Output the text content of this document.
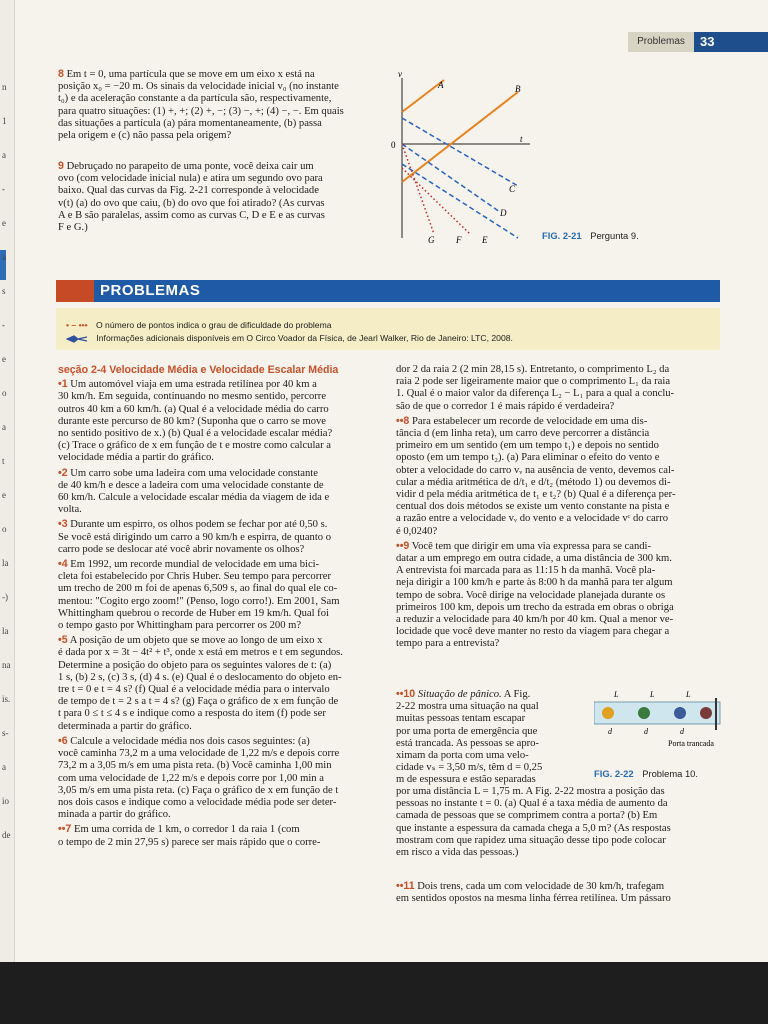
n
1
a
-
e
a
s
-
e
o
a
t
e
o
la
-)
la
na
is.
s-
a
io
de
Problemas	33
8 Em t = 0, uma partícula que se move em um eixo x está na
posição x₀ = −20 m. Os sinais da velocidade inicial v₀ (no instante
t₀) e da aceleração constante a da partícula são, respectivamente,
para quatro situações: (1) +, +; (2) +, −; (3) −, +; (4) −, −. Em quais
das situações a partícula (a) pára momentaneamente, (b) passa
pela origem e (c) não passa pela origem?
9 Debruçado no parapeito de uma ponte, você deixa cair um
ovo (com velocidade inicial nula) e atira um segundo ovo para
baixo. Qual das curvas da Fig. 2-21 corresponde à velocidade
v(t) (a) do ovo que caiu, (b) do ovo que foi atirado? (As curvas
A e B são paralelas, assim como as curvas C, D e E e as curvas
F e G.)
v
t
0
A	B
C
D
E
F
G	FIG. 2-21 Pergunta 9.
PROBLEMAS
• – ••• O número de pontos indica o grau de dificuldade do problema
Informações adicionais disponíveis em O Circo Voador da Física, de Jearl Walker, Rio de Janeiro: LTC, 2008.
seção 2-4 Velocidade Média e Velocidade Escalar Média
•1 Um automóvel viaja em uma estrada retilínea por 40 km a
30 km/h. Em seguida, continuando no mesmo sentido, percorre
outros 40 km a 60 km/h. (a) Qual é a velocidade média do carro
durante este percurso de 80 km? (Suponha que o carro se move
no sentido positivo de x.) (b) Qual é a velocidade escalar média?
(c) Trace o gráfico de x em função de t e mostre como calcular a
velocidade média a partir do gráfico.
•2 Um carro sobe uma ladeira com uma velocidade constante
de 40 km/h e desce a ladeira com uma velocidade constante de
60 km/h. Calcule a velocidade escalar média da viagem de ida e
volta.
•3 Durante um espirro, os olhos podem se fechar por até 0,50 s.
Se você está dirigindo um carro a 90 km/h e espirra, de quanto o
carro pode se deslocar até você abrir novamente os olhos?
•4 Em 1992, um recorde mundial de velocidade em uma bici-
cleta foi estabelecido por Chris Huber. Seu tempo para percorrer
um trecho de 200 m foi de apenas 6,509 s, ao final do qual ele co-
mentou: "Cogito ergo zoom!" (Penso, logo corro!). Em 2001, Sam
Whittingham quebrou o recorde de Huber em 19 km/h. Qual foi
o tempo gasto por Whittingham para percorrer os 200 m?
•5 A posição de um objeto que se move ao longo de um eixo x
é dada por x = 3t − 4t² + t³, onde x está em metros e t em segundos.
Determine a posição do objeto para os seguintes valores de t: (a)
1 s, (b) 2 s, (c) 3 s, (d) 4 s. (e) Qual é o deslocamento do objeto en-
tre t = 0 e t = 4 s? (f) Qual é a velocidade média para o intervalo
de tempo de t = 2 s a t = 4 s? (g) Faça o gráfico de x em função de
t para 0 ≤ t ≤ 4 s e indique como a resposta do item (f) pode ser
determinada a partir do gráfico.
•6 Calcule a velocidade média nos dois casos seguintes: (a)
você caminha 73,2 m a uma velocidade de 1,22 m/s e depois corre
73,2 m a 3,05 m/s em uma pista reta. (b) Você caminha 1,00 min
com uma velocidade de 1,22 m/s e depois corre por 1,00 min a
3,05 m/s em uma pista reta. (c) Faça o gráfico de x em função de t
nos dois casos e indique como a velocidade média pode ser deter-
minada a partir do gráfico.
••7 Em uma corrida de 1 km, o corredor 1 da raia 1 (com
o tempo de 2 min 27,95 s) parece ser mais rápido que o corre-
dor 2 da raia 2 (2 min 28,15 s). Entretanto, o comprimento L₂ da
raia 2 pode ser ligeiramente maior que o comprimento L₁ da raia
1. Qual é o maior valor da diferença L₂ − L₁ para a qual a conclu-
são de que o corredor 1 é mais rápido é verdadeira?
••8 Para estabelecer um recorde de velocidade em uma dis-
tância d (em linha reta), um carro deve percorrer a distância
primeiro em um sentido (em um tempo t₁) e depois no sentido
oposto (em um tempo t₂). (a) Para eliminar o efeito do vento e
obter a velocidade do carro vᵥ na ausência de vento, devemos cal-
cular a média aritmética de d/t₁ e d/t₂ (método 1) ou devemos di-
vidir d pela média aritmética de t₁ e t₂? (b) Qual é a diferença per-
centual dos dois métodos se existe um vento constante na pista e
a razão entre a velocidade vᵥ do vento e a velocidade vᶜ do carro
é 0,0240?
••9 Você tem que dirigir em uma via expressa para se candi-
datar a um emprego em outra cidade, a uma distância de 300 km.
A entrevista foi marcada para as 11:15 h da manhã. Você pla-
neja dirigir a 100 km/h e parte às 8:00 h da manhã para ter algum
tempo de sobra. Você dirige na velocidade planejada durante os
primeiros 100 km, depois um trecho da estrada em obras o obriga
a reduzir a velocidade para 40 km/h por 40 km. Qual a menor ve-
locidade que você deve manter no resto da viagem para chegar a
tempo para a entrevista?
••10 Situação de pânico. A Fig.
2-22 mostra uma situação na qual
muitas pessoas tentam escapar
por uma porta de emergência que
está trancada. As pessoas se apro-
ximam da porta com uma velo-
cidade vₛ = 3,50 m/s, têm d = 0,25
m de espessura e estão separadas
L	L	L
d	d	d
Porta trancada
FIG. 2-22 Problema 10.
por uma distância L = 1,75 m. A Fig. 2-22 mostra a posição das
pessoas no instante t = 0. (a) Qual é a taxa média de aumento da
camada de pessoas que se comprimem contra a porta? (b) Em
que instante a espessura da camada chega a 5,0 m? (As respostas
mostram com que rapidez uma situação desse tipo pode colocar
em risco a vida das pessoas.)
••11 Dois trens, cada um com velocidade de 30 km/h, trafegam
em sentidos opostos na mesma linha férrea retilínea. Um pássaro
